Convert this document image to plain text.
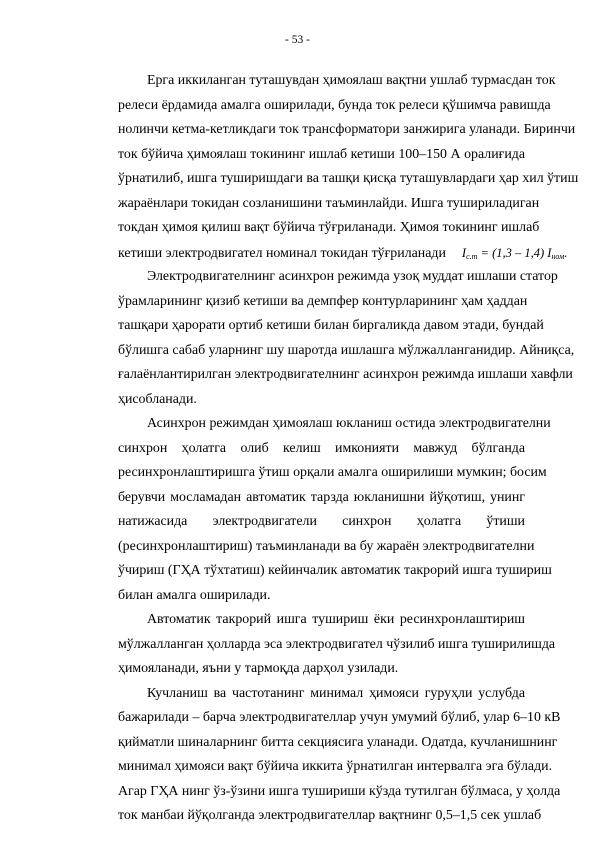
- 53 -
Ерга иккиланган туташувдан ҳимоялаш вақтни ушлаб турмасдан ток
релеси ёрдамида амалга оширилади, бунда ток релеси қўшимча равишда
нолинчи кетма-кетликдаги ток трансформатори занжирига уланади. Биринчи
ток бўйича ҳимоялаш токининг ишлаб кетиши 100–150 А оралиғида
ўрнатилиб, ишга туширишдаги ва ташқи қисқа туташувлардаги ҳар хил ўтиш
жараёнлари токидан созланишини таъминлайди. Ишга тушириладиган
токдан ҳимоя қилиш вақт бўйича тўғриланади. Ҳимоя токининг ишлаб
кетиши электродвигател номинал токидан тўғриланади $I_{с.т} = (1,3 - 1,4)$ $I_{ном}$.
Электродвигателнинг асинхрон режимда узоқ муддат ишлаши статор
ўрамларининг қизиб кетиши ва демпфер контурларининг ҳам ҳаддан
ташқари ҳарорати ортиб кетиши билан биргаликда давом этади, бундай
бўлишга сабаб уларнинг шу шаротда ишлашга мўлжалланганидир. Айниқса,
ғалаёнлантирилган электродвигателнинг асинхрон режимда ишлаши хавфли
ҳисобланади.
Асинхрон режимдан ҳимоялаш юкланиш остида электродвигателни
синхрон ҳолатга олиб келиш имконияти мавжуд бўлганда
ресинхронлаштиришга ўтиш орқали амалга оширилиши мумкин; босим
берувчи мосламадан автоматик тарзда юкланишни йўқотиш, унинг
натижасида электродвигатели синхрон ҳолатга ўтиши
(ресинхронлаштириш) таъминланади ва бу жараён электродвигателни
ўчириш (ГҲА тўхтатиш) кейинчалик автоматик такрорий ишга тушириш
билан амалга оширилади.
Автоматик такрорий ишга тушириш ёки ресинхронлаштириш
мўлжалланган ҳолларда эса электродвигател чўзилиб ишга туширилишда
ҳимояланади, яъни у тармоқда дарҳол узилади.
Кучланиш ва частотанинг минимал ҳимояси гуруҳли услубда
бажарилади – барча электродвигателлар учун умумий бўлиб, улар 6–10 кВ
қийматли шиналарнинг битта секциясига уланади. Одатда, кучланишнинг
минимал ҳимояси вақт бўйича иккита ўрнатилган интервалга эга бўлади.
Агар ГҲА нинг ўз-ўзини ишга тушириши кўзда тутилган бўлмаса, у ҳолда
ток манбаи йўқолганда электродвигателлар вақтнинг 0,5–1,5 сек ушлаб
